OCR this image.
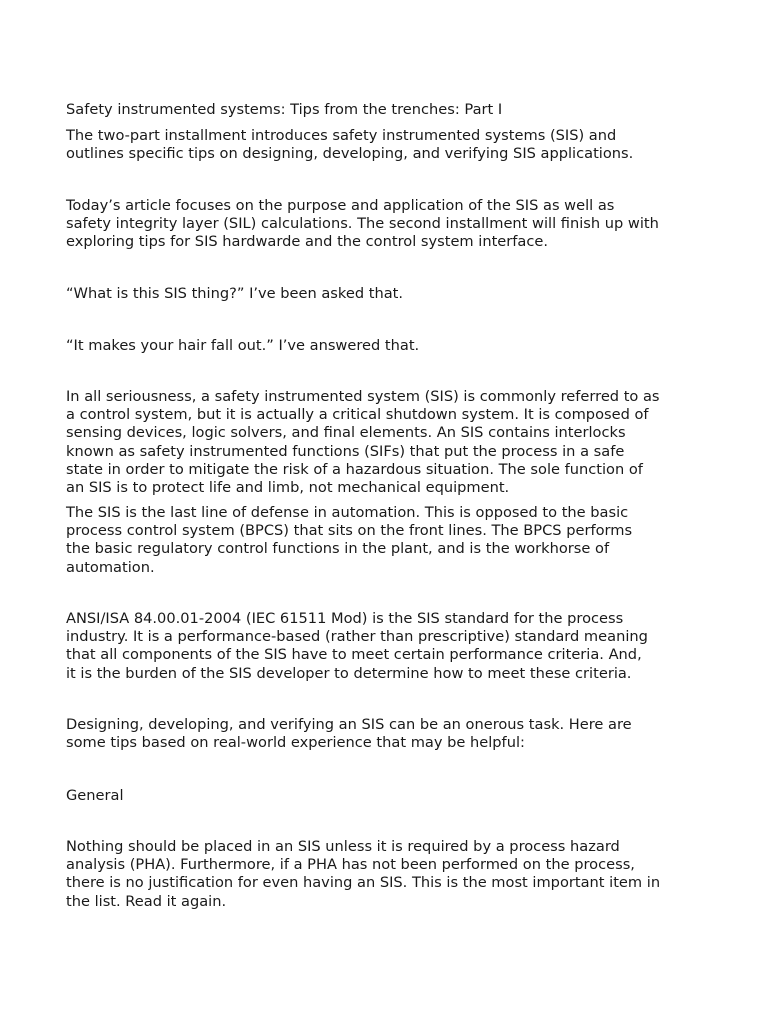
Safety instrumented systems: Tips from the trenches: Part I
The two-part installment introduces safety instrumented systems (SIS) and
outlines specific tips on designing, developing, and verifying SIS applications.
Today’s article focuses on the purpose and application of the SIS as well as
safety integrity layer (SIL) calculations. The second installment will finish up with
exploring tips for SIS hardwarde and the control system interface.
“What is this SIS thing?” I’ve been asked that.
“It makes your hair fall out.” I’ve answered that.
In all seriousness, a safety instrumented system (SIS) is commonly referred to as
a control system, but it is actually a critical shutdown system. It is composed of
sensing devices, logic solvers, and final elements. An SIS contains interlocks
known as safety instrumented functions (SIFs) that put the process in a safe
state in order to mitigate the risk of a hazardous situation. The sole function of
an SIS is to protect life and limb, not mechanical equipment.
The SIS is the last line of defense in automation. This is opposed to the basic
process control system (BPCS) that sits on the front lines. The BPCS performs
the basic regulatory control functions in the plant, and is the workhorse of
automation.
ANSI/ISA 84.00.01-2004 (IEC 61511 Mod) is the SIS standard for the process
industry. It is a performance-based (rather than prescriptive) standard meaning
that all components of the SIS have to meet certain performance criteria. And,
it is the burden of the SIS developer to determine how to meet these criteria.
Designing, developing, and verifying an SIS can be an onerous task. Here are
some tips based on real-world experience that may be helpful:
General
Nothing should be placed in an SIS unless it is required by a process hazard
analysis (PHA). Furthermore, if a PHA has not been performed on the process,
there is no justification for even having an SIS. This is the most important item in
the list. Read it again.
